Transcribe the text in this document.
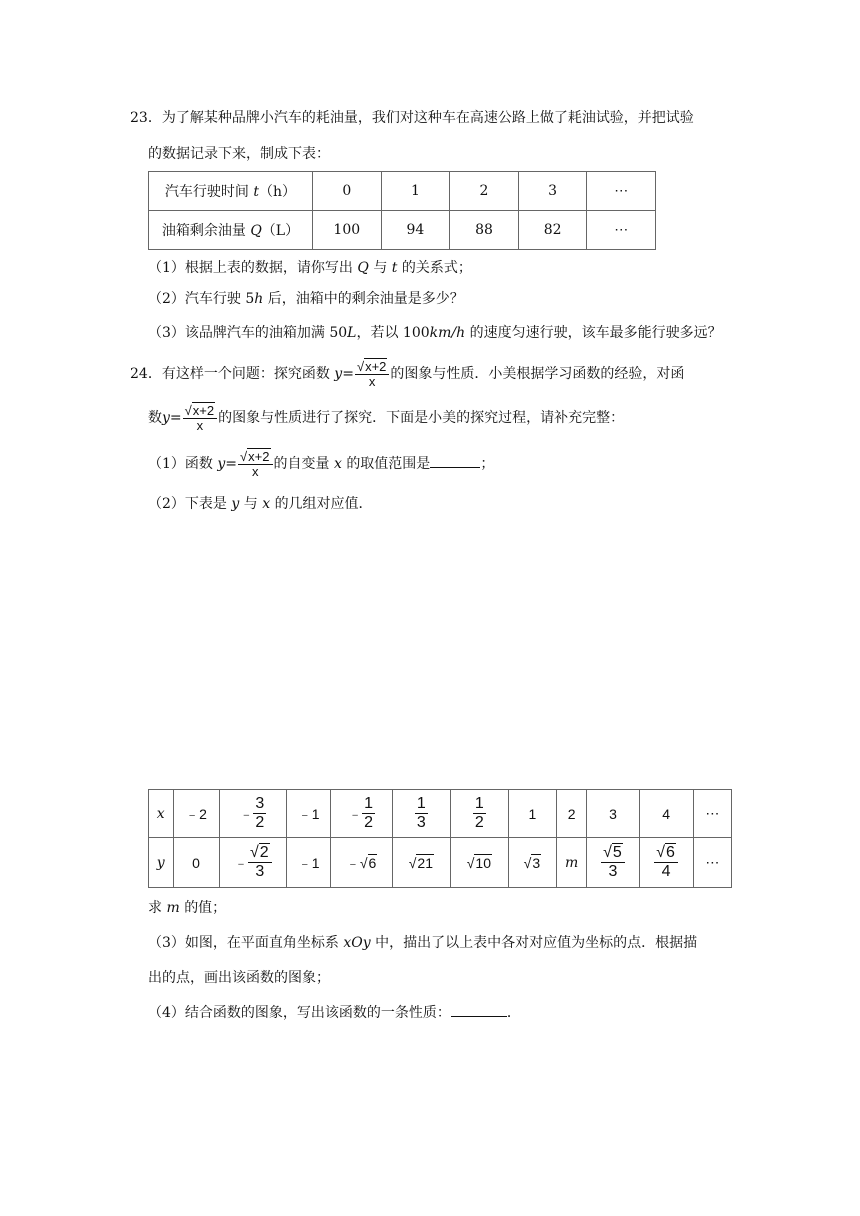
23．为了解某种品牌小汽车的耗油量，我们对这种车在高速公路上做了耗油试验，并把试验
的数据记录下来，制成下表：
汽车行驶时间 t（h）	0	1	2	3	⋯
油箱剩余油量 Q（L）	100	94	88	82	⋯
（1）根据上表的数据，请你写出 Q 与 t 的关系式；
（2）汽车行驶 5h 后，油箱中的剩余油量是多少？
（3）该品牌汽车的油箱加满 50L，若以 100km/h 的速度匀速行驶，该车最多能行驶多远？
24．有这样一个问题：探究函数 $y= \frac{√x+2}{x}$ 的图象与性质．小美根据学习函数的经验，对函
数$y= \frac{√x+2}{x}$ 的图象与性质进行了探究．下面是小美的探究过程，请补充完整：
（1）函数 $y= \frac{√x+2}{x}$ 的自变量 x 的取值范围是	；
（2）下表是 y 与 x 的几组对应值．
x	﹣2	﹣ $\frac{3}{2}$	﹣1	﹣ $\frac{1}{2}$	$\frac{1}{3}$	$\frac{1}{2}$	1	2	3	4	⋯
y	0	﹣ $\frac{√2}{3}$	﹣1	﹣√6	√21	√10	√3	m	$\frac{√5}{3}$	$\frac{√6}{4}$	⋯
求 m 的值；
（3）如图，在平面直角坐标系 xOy 中，描出了以上表中各对对应值为坐标的点．根据描
出的点，画出该函数的图象；
（4）结合函数的图象，写出该函数的一条性质：	．
